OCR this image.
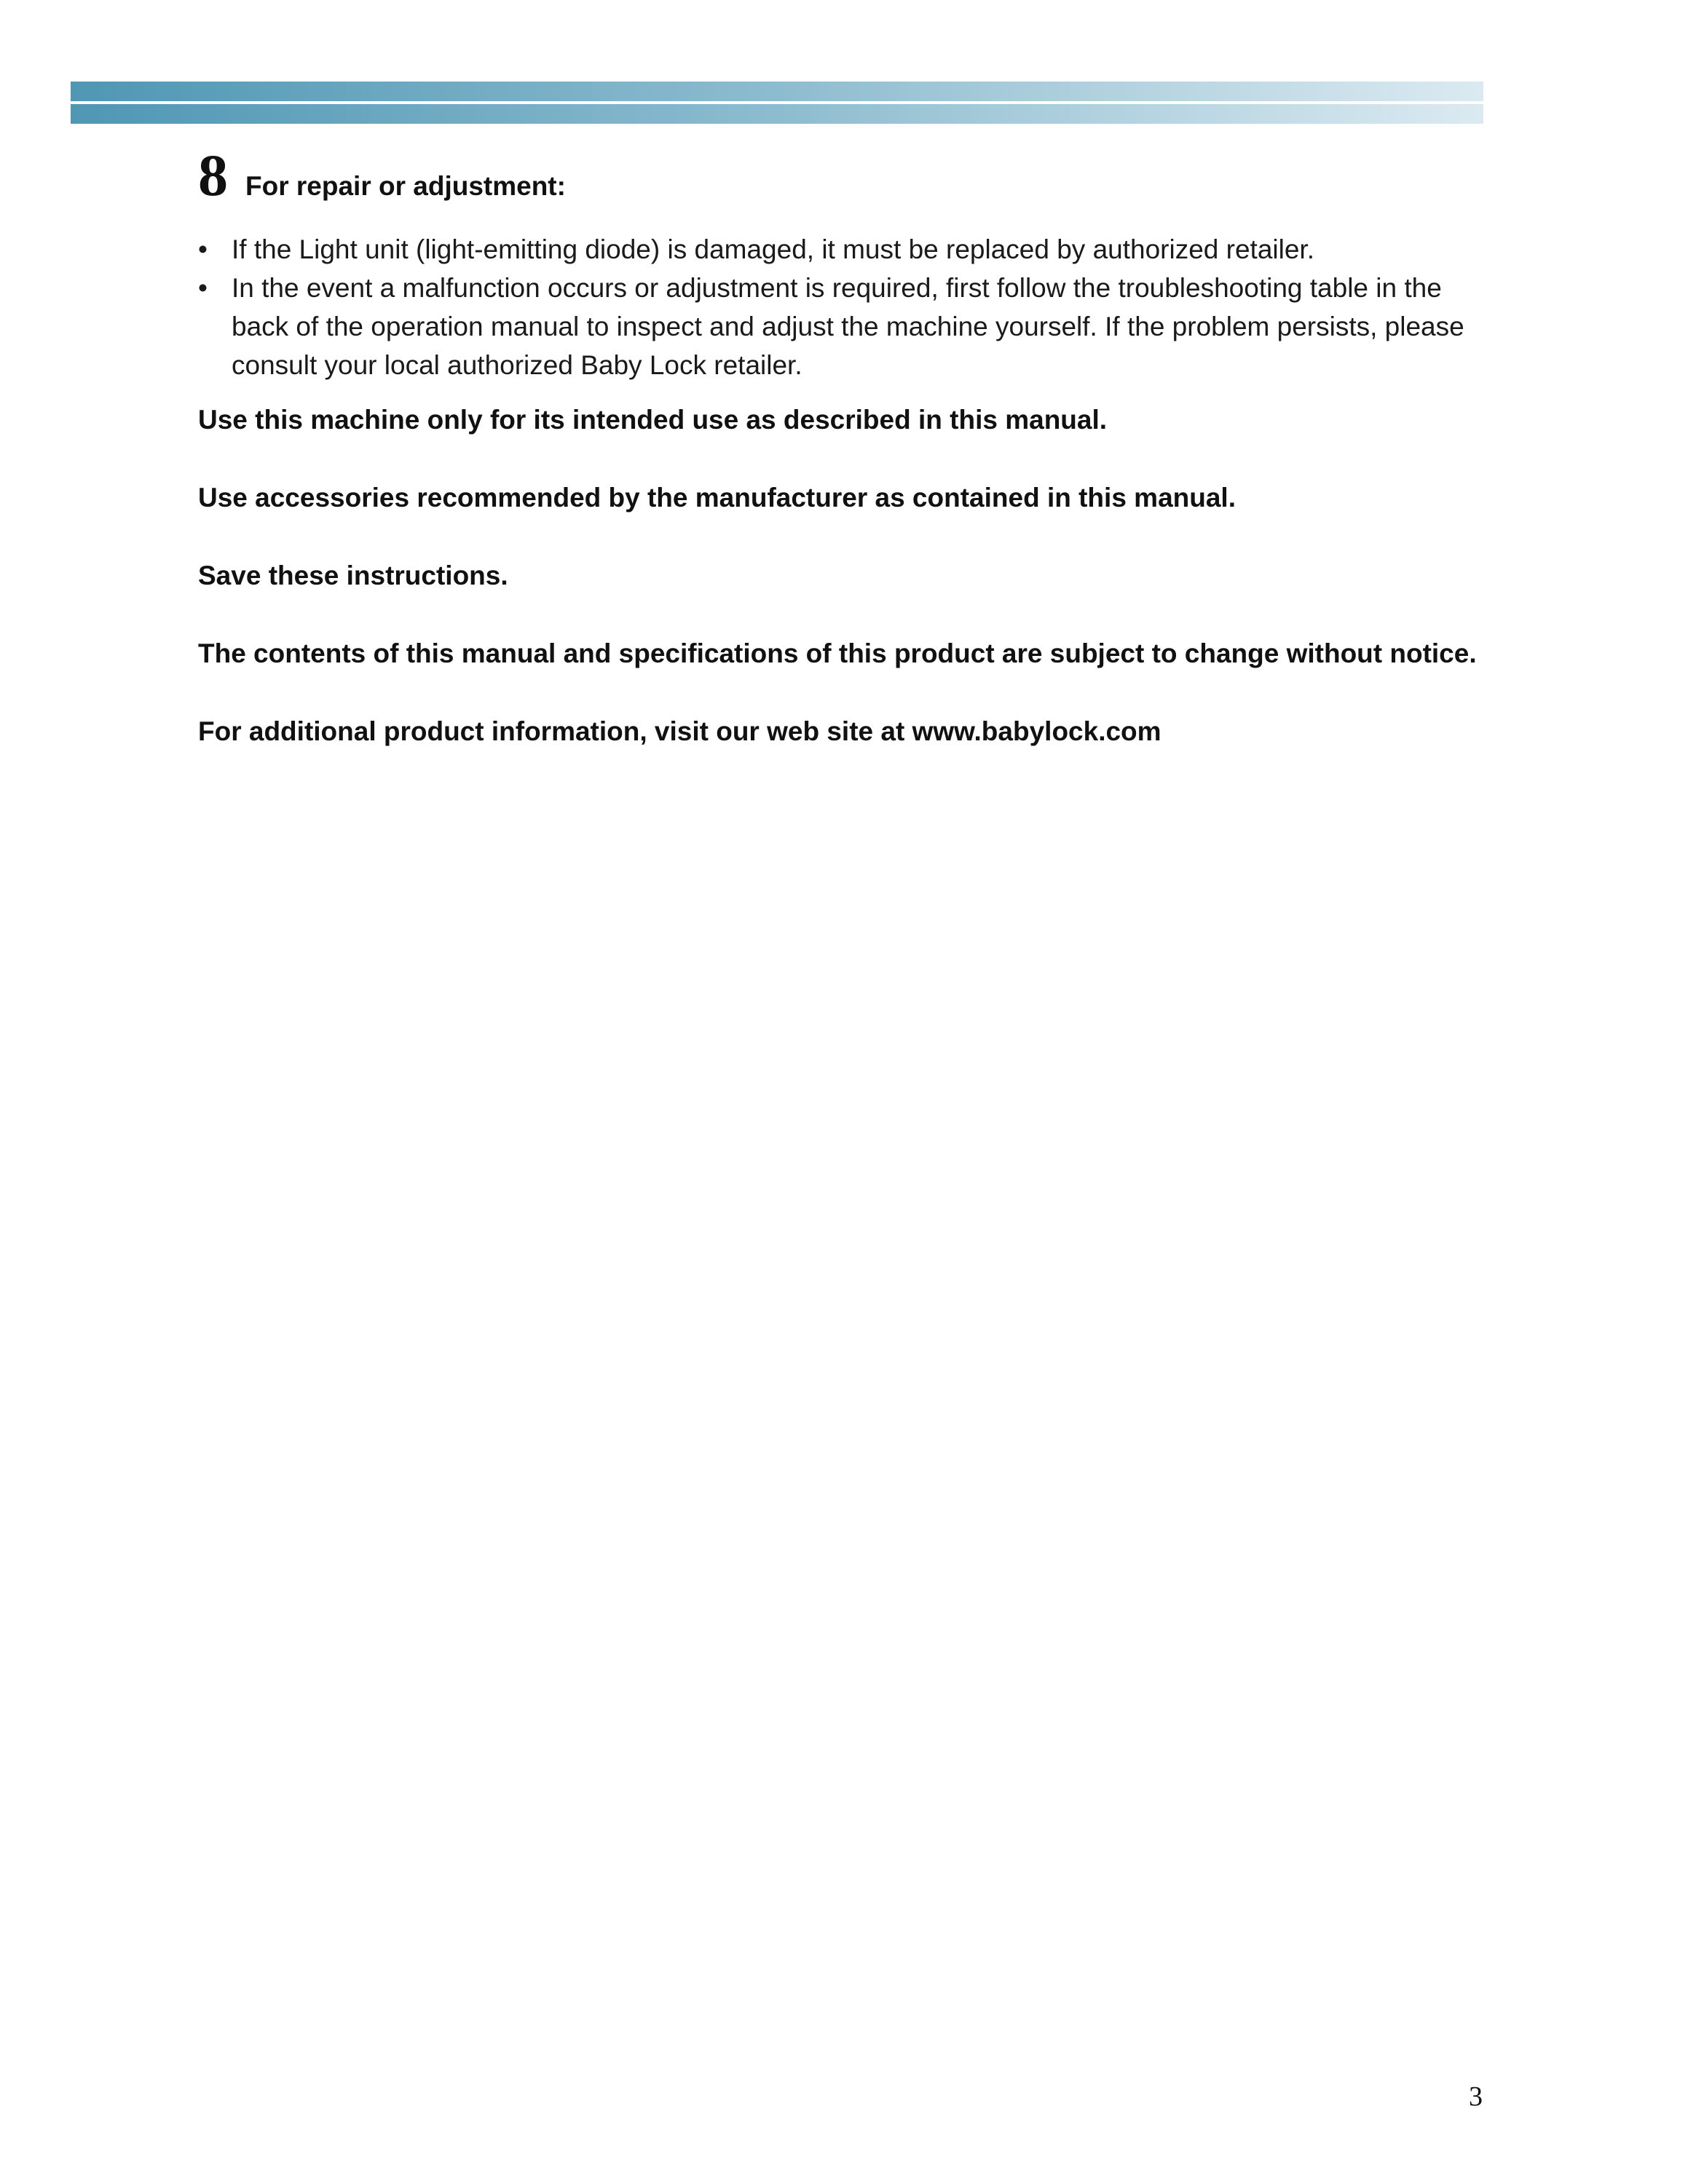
8 For repair or adjustment:
• If the Light unit (light-emitting diode) is damaged, it must be replaced by authorized retailer.
• In the event a malfunction occurs or adjustment is required, first follow the troubleshooting table in the back of the operation manual to inspect and adjust the machine yourself. If the problem persists, please consult your local authorized Baby Lock retailer.

Use this machine only for its intended use as described in this manual.

Use accessories recommended by the manufacturer as contained in this manual.

Save these instructions.

The contents of this manual and specifications of this product are subject to change without notice.

For additional product information, visit our web site at www.babylock.com

3
